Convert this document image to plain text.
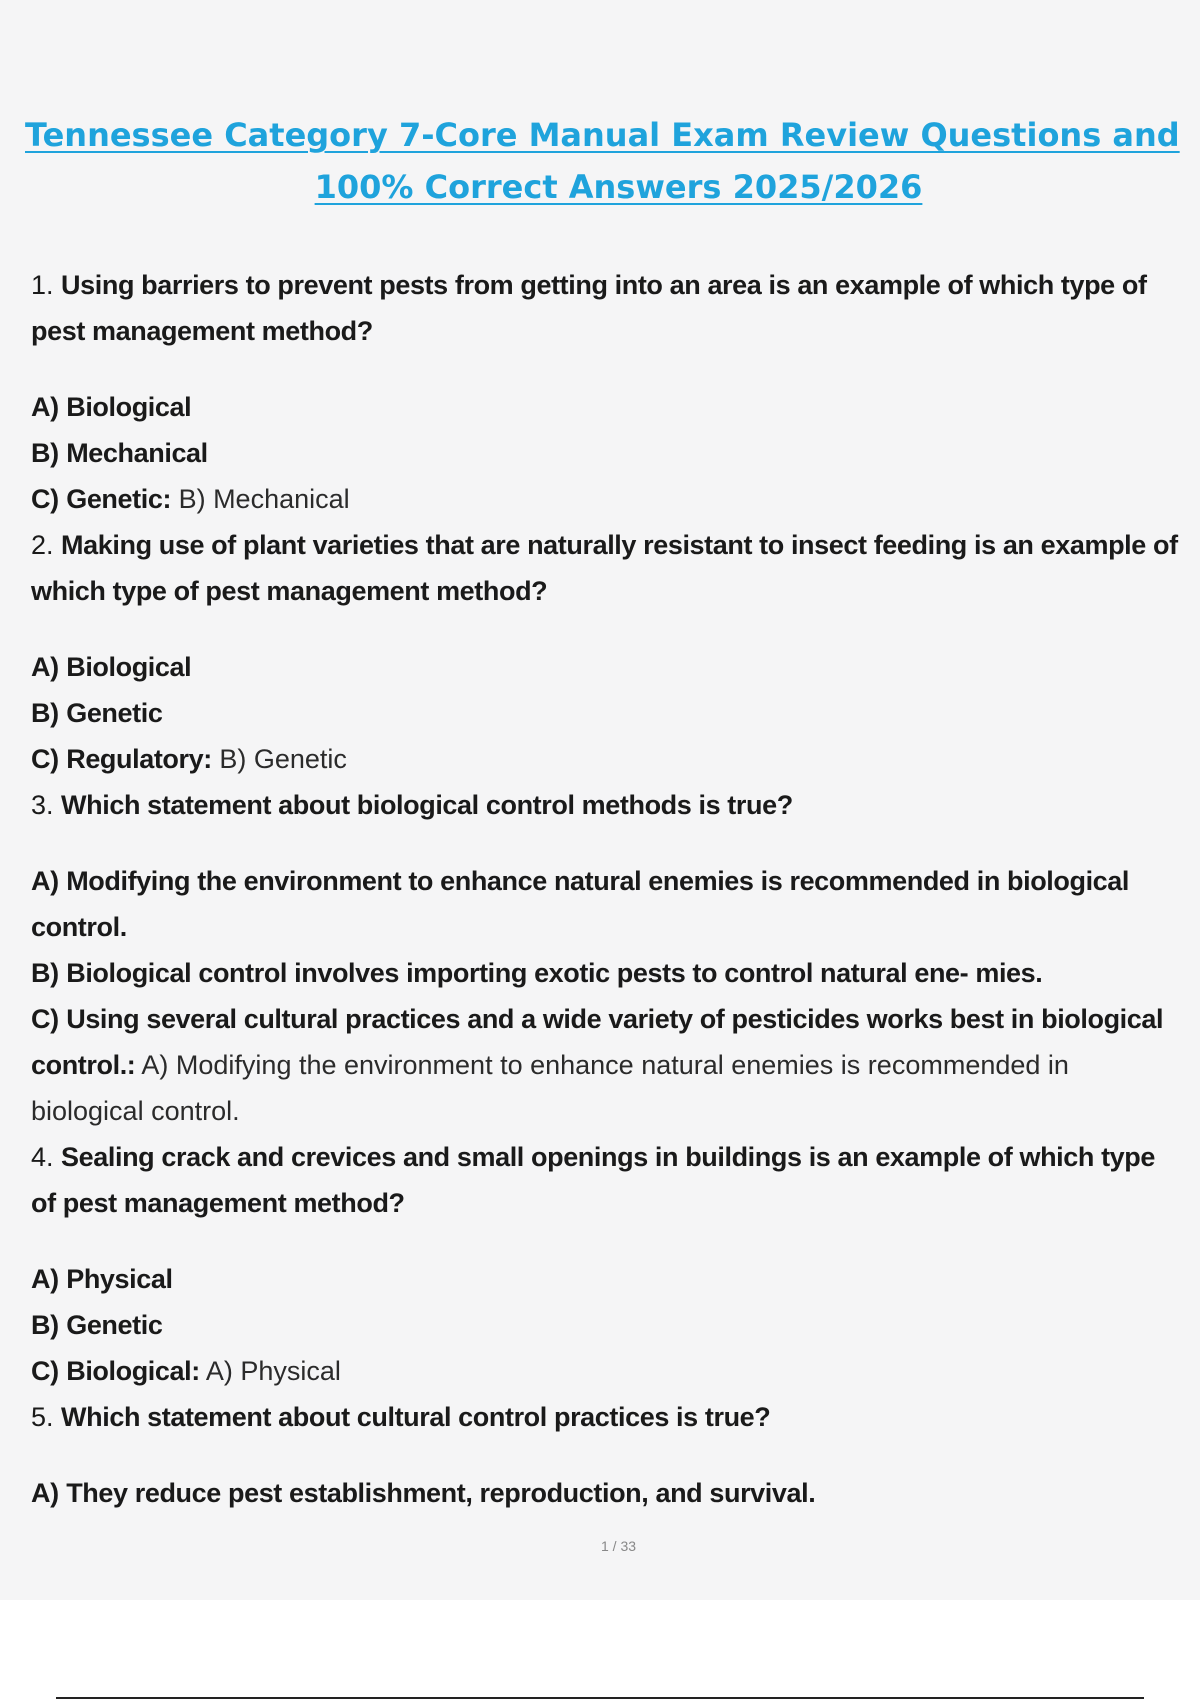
Tennessee Category 7-Core Manual Exam Review Questions and
100% Correct Answers 2025/2026

1. Using barriers to prevent pests from getting into an area is an example of which type of pest management method?

A) Biological

B) Mechanical

C) Genetic: B) Mechanical

2. Making use of plant varieties that are naturally resistant to insect feeding is an example of which type of pest management method?

A) Biological

B) Genetic

C) Regulatory: B) Genetic

3. Which statement about biological control methods is true?

A) Modifying the environment to enhance natural enemies is recommended in biological control.

B) Biological control involves importing exotic pests to control natural ene- mies.

C) Using several cultural practices and a wide variety of pesticides works best in biological control.: A) Modifying the environment to enhance natural enemies is recommended in biological control.

4. Sealing crack and crevices and small openings in buildings is an example of which type of pest management method?

A) Physical

B) Genetic

C) Biological: A) Physical

5. Which statement about cultural control practices is true?

A) They reduce pest establishment, reproduction, and survival.

1 / 33
